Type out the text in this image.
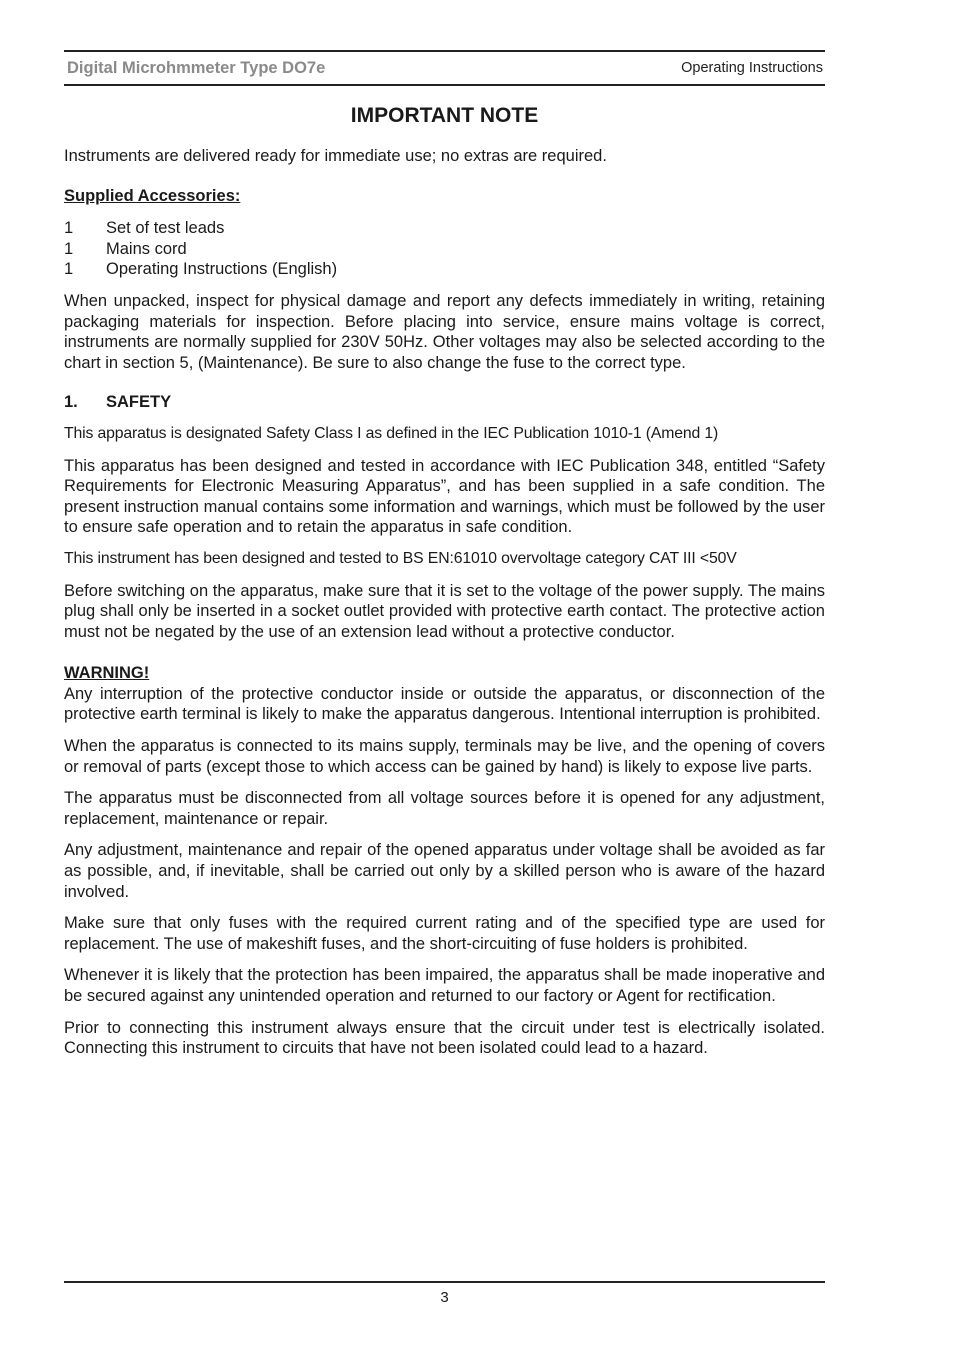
Digital Microhmmeter Type DO7e	Operating Instructions
IMPORTANT NOTE

Instruments are delivered ready for immediate use; no extras are required.

Supplied Accessories:
1	Set of test leads
1	Mains cord
1	Operating Instructions (English)

When unpacked, inspect for physical damage and report any defects immediately in writing, retaining packaging materials for inspection. Before placing into service, ensure mains voltage is correct, instruments are normally supplied for 230V 50Hz. Other voltages may also be selected according to the chart in section 5, (Maintenance). Be sure to also change the fuse to the correct type.

1.	SAFETY

This apparatus is designated Safety Class I as defined in the IEC Publication 1010-1 (Amend 1)

This apparatus has been designed and tested in accordance with IEC Publication 348, entitled “Safety Requirements for Electronic Measuring Apparatus”, and has been supplied in a safe condition. The present instruction manual contains some information and warnings, which must be followed by the user to ensure safe operation and to retain the apparatus in safe condition.

This instrument has been designed and tested to BS EN:61010 overvoltage category CAT III <50V

Before switching on the apparatus, make sure that it is set to the voltage of the power supply. The mains plug shall only be inserted in a socket outlet provided with protective earth contact. The protective action must not be negated by the use of an extension lead without a protective conductor.

WARNING!

Any interruption of the protective conductor inside or outside the apparatus, or disconnection of the protective earth terminal is likely to make the apparatus dangerous. Intentional interruption is prohibited.

When the apparatus is connected to its mains supply, terminals may be live, and the opening of covers or removal of parts (except those to which access can be gained by hand) is likely to expose live parts.

The apparatus must be disconnected from all voltage sources before it is opened for any adjustment, replacement, maintenance or repair.

Any adjustment, maintenance and repair of the opened apparatus under voltage shall be avoided as far as possible, and, if inevitable, shall be carried out only by a skilled person who is aware of the hazard involved.

Make sure that only fuses with the required current rating and of the specified type are used for replacement. The use of makeshift fuses, and the short-circuiting of fuse holders is prohibited.

Whenever it is likely that the protection has been impaired, the apparatus shall be made inoperative and be secured against any unintended operation and returned to our factory or Agent for rectification.

Prior to connecting this instrument always ensure that the circuit under test is electrically isolated. Connecting this instrument to circuits that have not been isolated could lead to a hazard.

3
